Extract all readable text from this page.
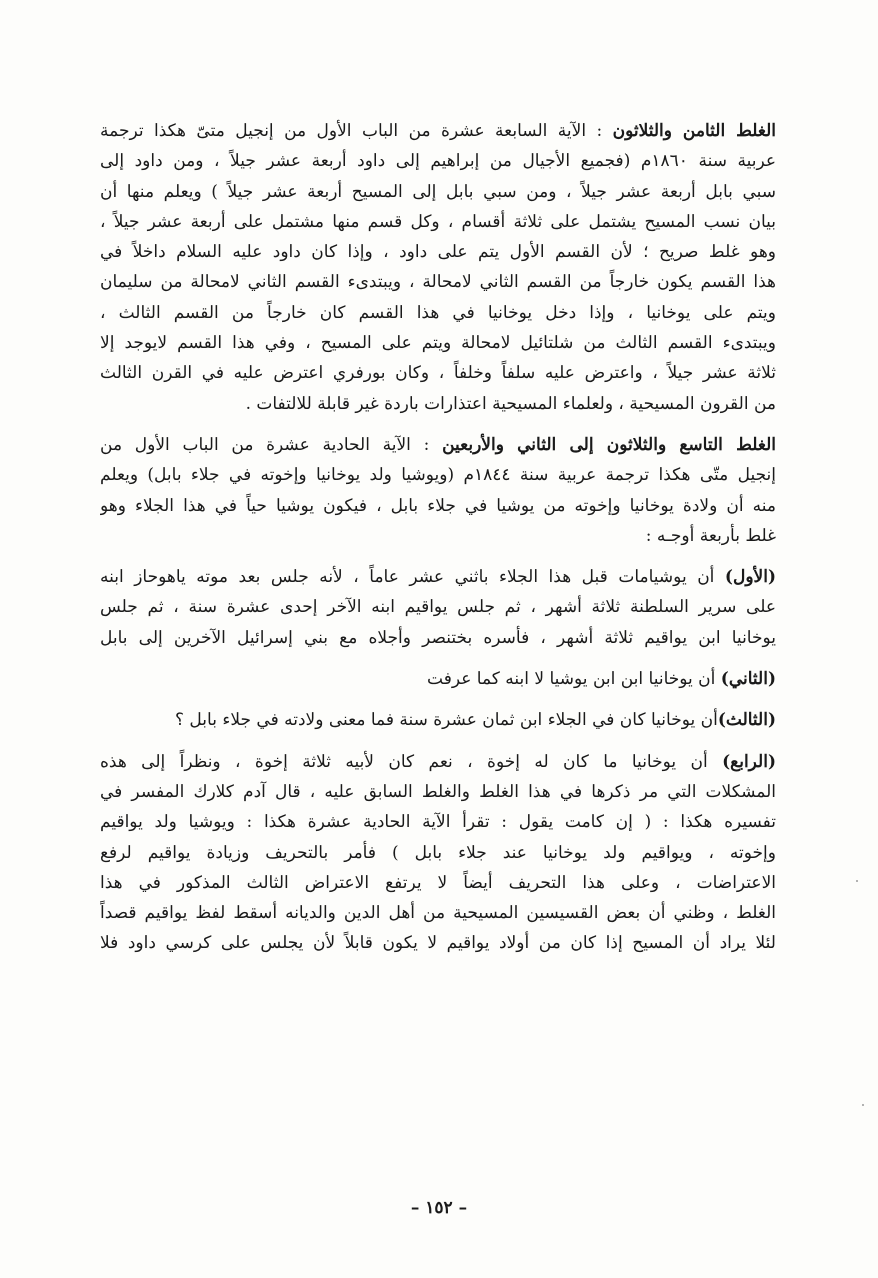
الغلط الثامن والثلاثون : الآية السابعة عشرة من الباب الأول من إنجيل متىّ هكذا ترجمة
عربية سنة ١٨٦٠م (فجميع الأجيال من إبراهيم إلى داود أربعة عشر جيلاً ، ومن داود إلى
سبي بابل أربعة عشر جيلاً ، ومن سبي بابل إلى المسيح أربعة عشر جيلاً ) ويعلم منها أن
بيان نسب المسيح يشتمل على ثلاثة أقسام ، وكل قسم منها مشتمل على أربعة عشر جيلاً ،
وهو غلط صريح ؛ لأن القسم الأول يتم على داود ، وإذا كان داود عليه السلام داخلاً في
هذا القسم يكون خارجاً من القسم الثاني لامحالة ، ويبتدىء القسم الثاني لامحالة من سليمان
ويتم على يوخانيا ، وإذا دخل يوخانيا في هذا القسم كان خارجاً من القسم الثالث ،
ويبتدىء القسم الثالث من شلتائيل لامحالة ويتم على المسيح ، وفي هذا القسم لايوجد إلا
ثلاثة عشر جيلاً ، واعترض عليه سلفاً وخلفاً ، وكان بورفري اعترض عليه في القرن الثالث
من القرون المسيحية ، ولعلماء المسيحية اعتذارات باردة غير قابلة للالتفات .
الغلط التاسع والثلاثون إلى الثاني والأربعين : الآية الحادية عشرة من الباب الأول من
إنجيل متّى هكذا ترجمة عربية سنة ١٨٤٤م (ويوشيا ولد يوخانيا وإخوته في جلاء بابل) ويعلم
منه أن ولادة يوخانيا وإخوته من يوشيا في جلاء بابل ، فيكون يوشيا حياً في هذا الجلاء وهو
غلط بأربعة أوجـه :
(الأول) أن يوشيامات قبل هذا الجلاء باثني عشر عاماً ، لأنه جلس بعد موته ياهوحاز ابنه
على سرير السلطنة ثلاثة أشهر ، ثم جلس يواقيم ابنه الآخر إحدى عشرة سنة ، ثم جلس
يوخانيا ابن يواقيم ثلاثة أشهر ، فأسره بختنصر وأجلاه مع بني إسرائيل الآخرين إلى بابل
(الثاني) أن يوخانيا ابن ابن يوشيا لا ابنه كما عرفت
(الثالث)أن يوخانيا كان في الجلاء ابن ثمان عشرة سنة فما معنى ولادته في جلاء بابل ؟
(الرابع) أن يوخانيا ما كان له إخوة ، نعم كان لأبيه ثلاثة إخوة ، ونظراً إلى هذه
المشكلات التي مر ذكرها في هذا الغلط والغلط السابق عليه ، قال آدم كلارك المفسر في
تفسيره هكذا : ( إن كامت يقول : تقرأ الآية الحادية عشرة هكذا : ويوشيا ولد يواقيم
وإخوته ، ويواقيم ولد يوخانيا عند جلاء بابل ) فأمر بالتحريف وزيادة يواقيم لرفع
الاعتراضات ، وعلى هذا التحريف أيضاً لا يرتفع الاعتراض الثالث المذكور في هذا
الغلط ، وظني أن بعض القسيسين المسيحية من أهل الدين والديانه أسقط لفظ يواقيم قصداً
لئلا يراد أن المسيح إذا كان من أولاد يواقيم لا يكون قابلاً لأن يجلس على كرسي داود فلا
– ١٥٢ –
